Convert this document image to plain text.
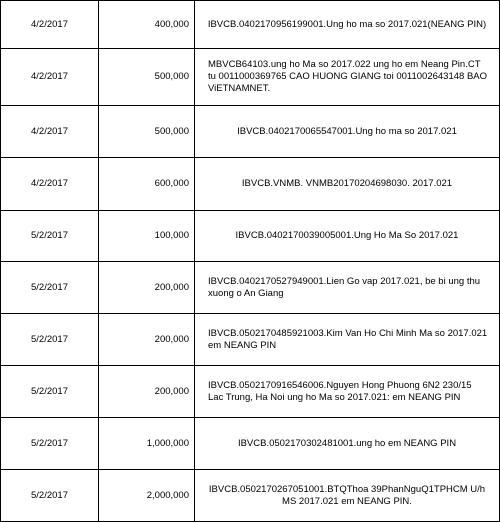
4/2/2017	400,000	IBVCB.0402170956199001.Ung ho ma so 2017.021(NEANG PIN)
4/2/2017	500,000	MBVCB64103.ung ho Ma so 2017.022 ung ho em Neang Pin.CT tu 0011000369765 CAO HUONG GIANG toi 0011002643148 BAO ViETNAMNET.
4/2/2017	500,000	IBVCB.0402170065547001.Ung ho ma so 2017.021
4/2/2017	600,000	IBVCB.VNMB. VNMB20170204698030. 2017.021
5/2/2017	100,000	IBVCB.0402170039005001.Ung Ho Ma So 2017.021
5/2/2017	200,000	IBVCB.0402170527949001.Lien Go vap 2017.021, be bi ung thu xuong o An Giang
5/2/2017	200,000	IBVCB.0502170485921003.Kim Van Ho Chi Minh Ma so 2017.021 em NEANG PIN
5/2/2017	200,000	IBVCB.0502170916546006.Nguyen Hong Phuong 6N2 230/15 Lac Trung, Ha Noi ung ho Ma so 2017.021: em NEANG PIN
5/2/2017	1,000,000	IBVCB.0502170302481001.ung ho em NEANG PIN
5/2/2017	2,000,000	IBVCB.0502170267051001.BTQThoa 39PhanNguQ1TPHCM U/h MS 2017.021 em NEANG PIN.
